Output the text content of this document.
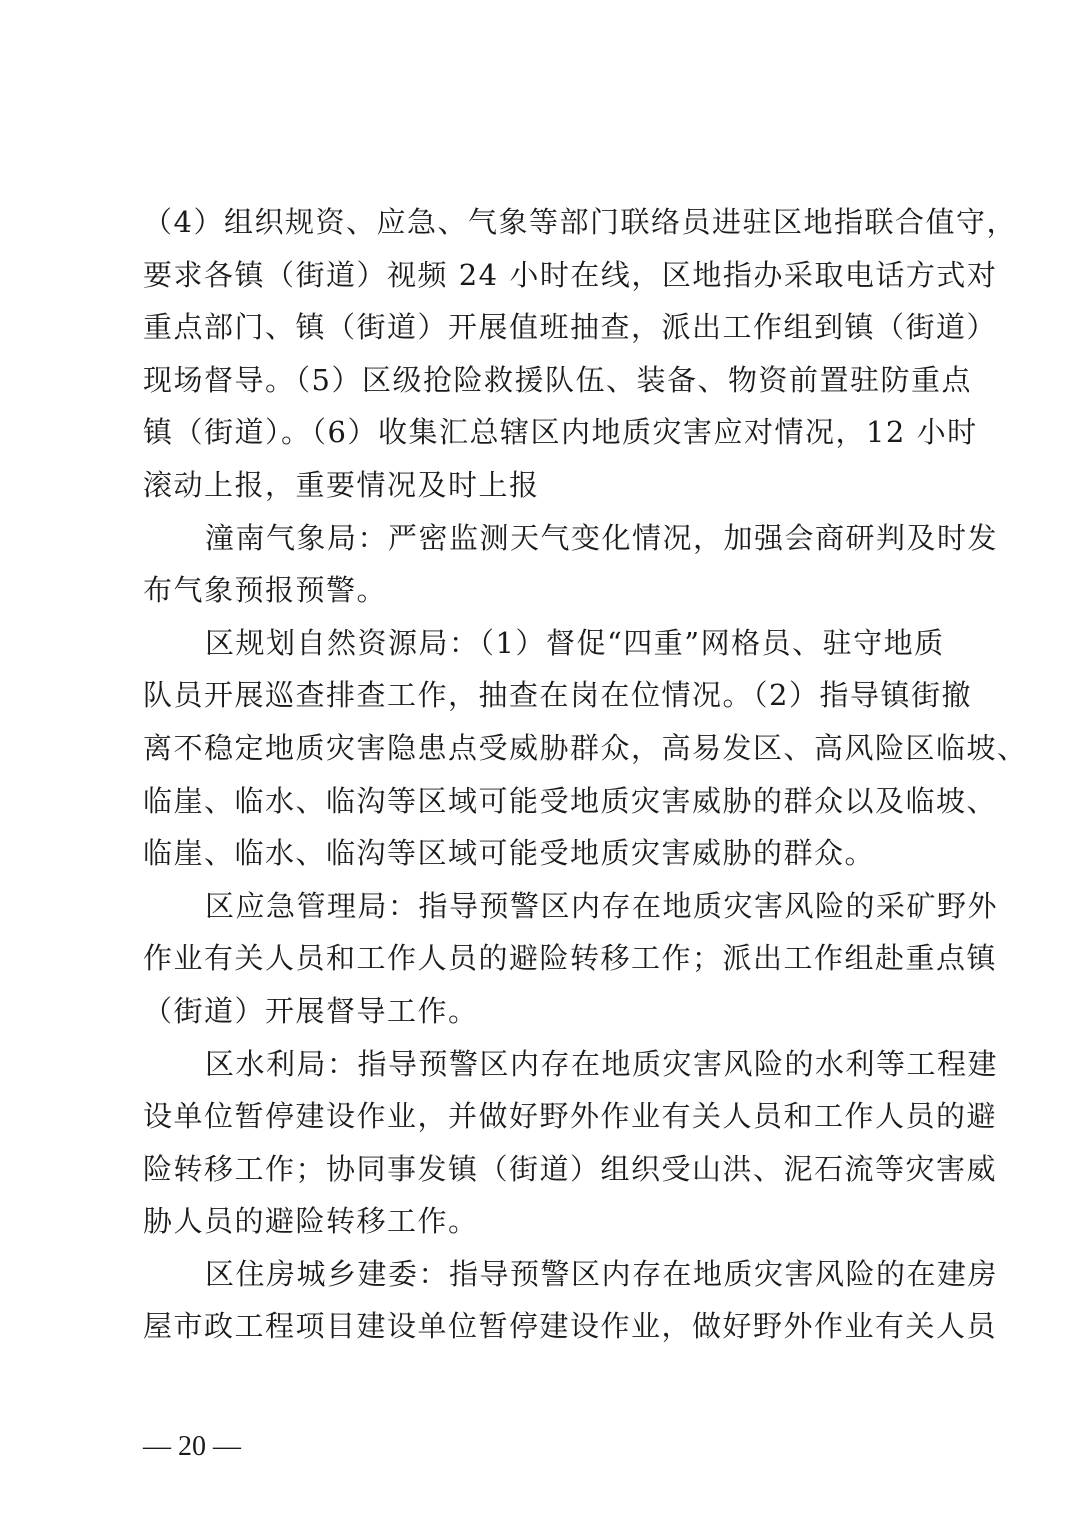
（4）组织规资、应急、气象等部门联络员进驻区地指联合值守，
要求各镇（街道）视频 24 小时在线，区地指办采取电话方式对
重点部门、镇（街道）开展值班抽查，派出工作组到镇（街道）
现场督导。（5）区级抢险救援队伍、装备、物资前置驻防重点
镇（街道）。（6）收集汇总辖区内地质灾害应对情况，12 小时
滚动上报，重要情况及时上报
潼南气象局：严密监测天气变化情况，加强会商研判及时发
布气象预报预警。
区规划自然资源局：（1）督促“四重”网格员、驻守地质
队员开展巡查排查工作，抽查在岗在位情况。（2）指导镇街撤
离不稳定地质灾害隐患点受威胁群众，高易发区、高风险区临坡、
临崖、临水、临沟等区域可能受地质灾害威胁的群众以及临坡、
临崖、临水、临沟等区域可能受地质灾害威胁的群众。
区应急管理局：指导预警区内存在地质灾害风险的采矿野外
作业有关人员和工作人员的避险转移工作；派出工作组赴重点镇
（街道）开展督导工作。
区水利局：指导预警区内存在地质灾害风险的水利等工程建
设单位暂停建设作业，并做好野外作业有关人员和工作人员的避
险转移工作；协同事发镇（街道）组织受山洪、泥石流等灾害威
胁人员的避险转移工作。
区住房城乡建委：指导预警区内存在地质灾害风险的在建房
屋市政工程项目建设单位暂停建设作业，做好野外作业有关人员
— 20 —
